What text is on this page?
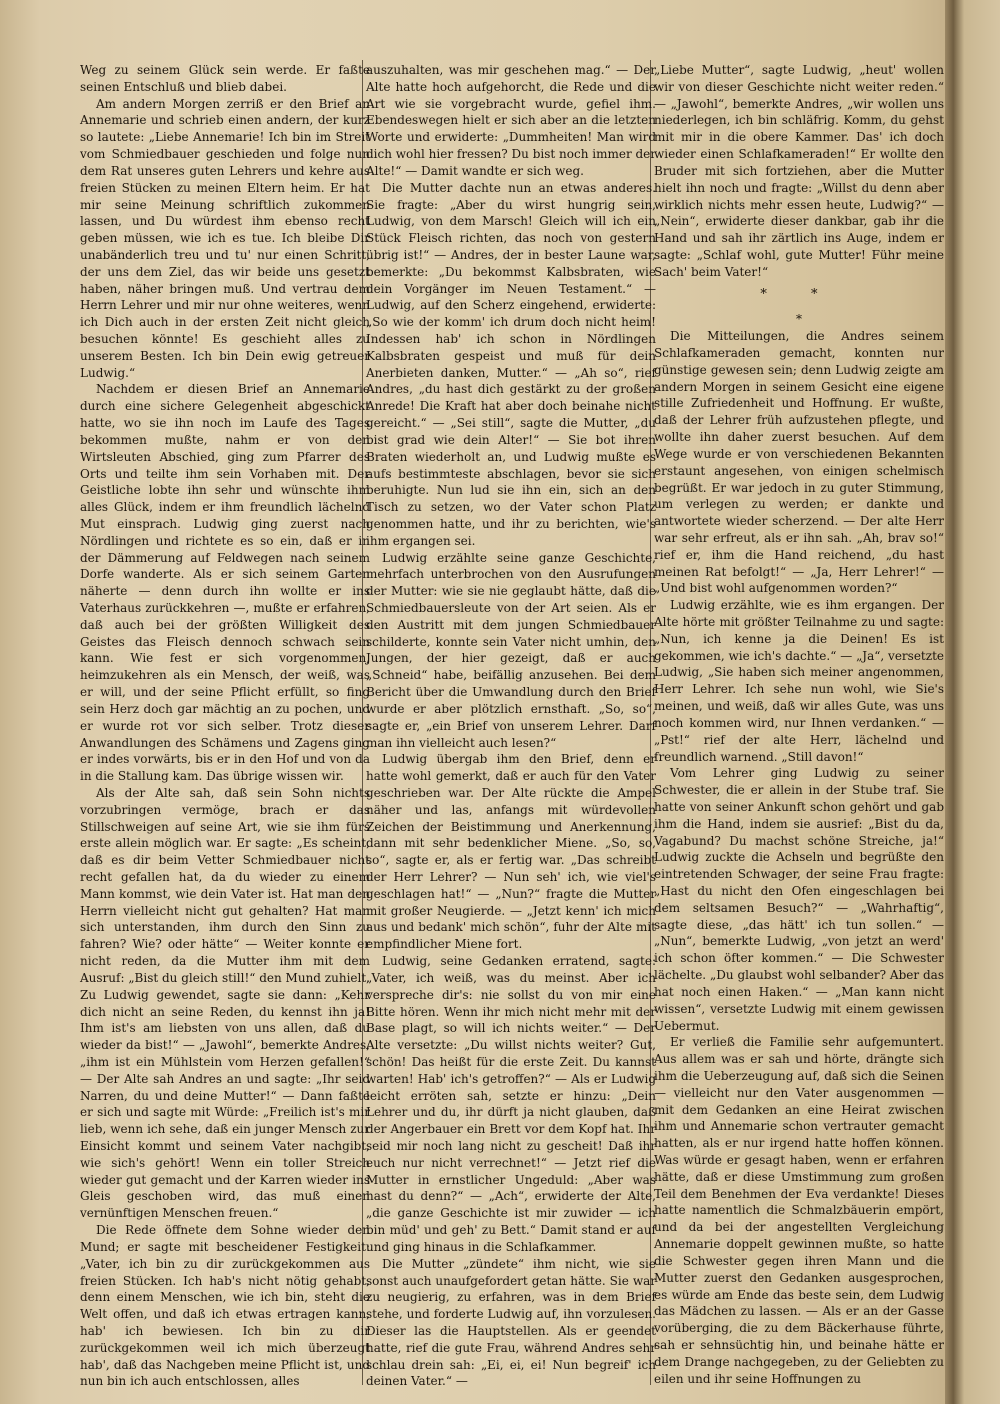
Weg zu seinem Glück sein werde. Er faßte seinen Entschluß und blieb dabei.

Am andern Morgen zerriß er den Brief an Annemarie und schrieb einen andern, der kurz so lautete: „Liebe Annemarie! Ich bin im Streit vom Schmiedbauer geschieden und folge nun dem Rat unseres guten Lehrers und kehre aus freien Stücken zu meinen Eltern heim. Er hat mir seine Meinung schriftlich zukommen lassen, und Du würdest ihm ebenso recht geben müssen, wie ich es tue. Ich bleibe Dir unabänderlich treu und tu' nur einen Schritt, der uns dem Ziel, das wir beide uns gesetzt haben, näher bringen muß. Und vertrau dem Herrn Lehrer und mir nur ohne weiteres, wenn ich Dich auch in der ersten Zeit nicht gleich besuchen könnte! Es geschieht alles zu unserem Besten. Ich bin Dein ewig getreuer Ludwig.“

Nachdem er diesen Brief an Annemarie durch eine sichere Gelegenheit abgeschickt hatte, wo sie ihn noch im Laufe des Tages bekommen mußte, nahm er von den Wirtsleuten Abschied, ging zum Pfarrer des Orts und teilte ihm sein Vorhaben mit. Der Geistliche lobte ihn sehr und wünschte ihm alles Glück, indem er ihm freundlich lächelnd Mut einsprach. Ludwig ging zuerst nach Nördlingen und richtete es so ein, daß er in der Dämmerung auf Feldwegen nach seinem Dorfe wanderte. Als er sich seinem Garten näherte — denn durch ihn wollte er ins Vaterhaus zurückkehren —, mußte er erfahren, daß auch bei der größten Willigkeit des Geistes das Fleisch dennoch schwach sein kann. Wie fest er sich vorgenommen, heimzukehren als ein Mensch, der weiß, was er will, und der seine Pflicht erfüllt, so fing sein Herz doch gar mächtig an zu pochen, und er wurde rot vor sich selber. Trotz dieser Anwandlungen des Schämens und Zagens ging er indes vorwärts, bis er in den Hof und von da in die Stallung kam. Das übrige wissen wir.

Als der Alte sah, daß sein Sohn nichts vorzubringen vermöge, brach er das Stillschweigen auf seine Art, wie sie ihm fürs erste allein möglich war. Er sagte: „Es scheint, daß es dir beim Vetter Schmiedbauer nicht recht gefallen hat, da du wieder zu einem Mann kommst, wie dein Vater ist. Hat man den Herrn vielleicht nicht gut gehalten? Hat man sich unterstanden, ihm durch den Sinn zu fahren? Wie? oder hätte“ — Weiter konnte er nicht reden, da die Mutter ihm mit dem Ausruf: „Bist du gleich still!“ den Mund zuhielt. Zu Ludwig gewendet, sagte sie dann: „Kehr dich nicht an seine Reden, du kennst ihn ja! Ihm ist's am liebsten von uns allen, daß du wieder da bist!“ — „Jawohl“, bemerkte Andres, „ihm ist ein Mühlstein vom Herzen gefallen!“ — Der Alte sah Andres an und sagte: „Ihr seid Narren, du und deine Mutter!“ — Dann faßte er sich und sagte mit Würde: „Freilich ist's mir lieb, wenn ich sehe, daß ein junger Mensch zur Einsicht kommt und seinem Vater nachgibt, wie sich's gehört! Wenn ein toller Streich wieder gut gemacht und der Karren wieder ins Gleis geschoben wird, das muß einen vernünftigen Menschen freuen.“

Die Rede öffnete dem Sohne wieder den Mund; er sagte mit bescheidener Festigkeit: „Vater, ich bin zu dir zurückgekommen aus freien Stücken. Ich hab's nicht nötig gehabt, denn einem Menschen, wie ich bin, steht die Welt offen, und daß ich etwas ertragen kann, hab' ich bewiesen. Ich bin zu dir zurückgekommen weil ich mich überzeugt hab', daß das Nachgeben meine Pflicht ist, und nun bin ich auch entschlossen, alles

auszuhalten, was mir geschehen mag.“ — Der Alte hatte hoch aufgehorcht, die Rede und die Art wie sie vorgebracht wurde, gefiel ihm. Ebendeswegen hielt er sich aber an die letzten Worte und erwiderte: „Dummheiten! Man wird dich wohl hier fressen? Du bist noch immer der Alte!“ — Damit wandte er sich weg.

Die Mutter dachte nun an etwas anderes. Sie fragte: „Aber du wirst hungrig sein, Ludwig, von dem Marsch! Gleich will ich ein Stück Fleisch richten, das noch von gestern übrig ist!“ — Andres, der in bester Laune war, bemerkte: „Du bekommst Kalbsbraten, wie dein Vorgänger im Neuen Testament.“ — Ludwig, auf den Scherz eingehend, erwiderte: „So wie der komm' ich drum doch nicht heim! Indessen hab' ich schon in Nördlingen Kalbsbraten gespeist und muß für dein Anerbieten danken, Mutter.“ — „Ah so“, rief Andres, „du hast dich gestärkt zu der großen Anrede! Die Kraft hat aber doch beinahe nicht gereicht.“ — „Sei still“, sagte die Mutter, „du bist grad wie dein Alter!“ — Sie bot ihren Braten wiederholt an, und Ludwig mußte es aufs bestimmteste abschlagen, bevor sie sich beruhigte. Nun lud sie ihn ein, sich an den Tisch zu setzen, wo der Vater schon Platz genommen hatte, und ihr zu berichten, wie's ihm ergangen sei.

Ludwig erzählte seine ganze Geschichte, mehrfach unterbrochen von den Ausrufungen der Mutter: wie sie nie geglaubt hätte, daß die Schmiedbauersleute von der Art seien. Als er den Austritt mit dem jungen Schmiedbauer schilderte, konnte sein Vater nicht umhin, den Jungen, der hier gezeigt, daß er auch „Schneid“ habe, beifällig anzusehen. Bei dem Bericht über die Umwandlung durch den Brief wurde er aber plötzlich ernsthaft. „So, so“, sagte er, „ein Brief von unserem Lehrer. Darf man ihn vielleicht auch lesen?“

Ludwig übergab ihm den Brief, denn er hatte wohl gemerkt, daß er auch für den Vater geschrieben war. Der Alte rückte die Ampel näher und las, anfangs mit würdevollen Zeichen der Beistimmung und Anerkennung, dann mit sehr bedenklicher Miene. „So, so, so“, sagte er, als er fertig war. „Das schreibt der Herr Lehrer? — Nun seh' ich, wie viel's geschlagen hat!“ — „Nun?“ fragte die Mutter mit großer Neugierde. — „Jetzt kenn' ich mich aus und bedank' mich schön“, fuhr der Alte mit empfindlicher Miene fort.

Ludwig, seine Gedanken erratend, sagte: „Vater, ich weiß, was du meinst. Aber ich verspreche dir's: nie sollst du von mir eine Bitte hören. Wenn ihr mich nicht mehr mit der Base plagt, so will ich nichts weiter.“ — Der Alte versetzte: „Du willst nichts weiter? Gut, schön! Das heißt für die erste Zeit. Du kannst warten! Hab' ich's getroffen?“ — Als er Ludwig leicht erröten sah, setzte er hinzu: „Dein Lehrer und du, ihr dürft ja nicht glauben, daß der Angerbauer ein Brett vor dem Kopf hat. Ihr seid mir noch lang nicht zu gescheit! Daß ihr euch nur nicht verrechnet!“ — Jetzt rief die Mutter in ernstlicher Ungeduld: „Aber was hast du denn?“ — „Ach“, erwiderte der Alte, „die ganze Geschichte ist mir zuwider — ich bin müd' und geh' zu Bett.“ Damit stand er auf und ging hinaus in die Schlafkammer.

Die Mutter „zündete“ ihm nicht, wie sie sonst auch unaufgefordert getan hätte. Sie war zu neugierig, zu erfahren, was in dem Brief stehe, und forderte Ludwig auf, ihn vorzulesen. Dieser las die Hauptstellen. Als er geendet hatte, rief die gute Frau, während Andres sehr schlau drein sah: „Ei, ei, ei! Nun begreif' ich deinen Vater.“ —

„Liebe Mutter“, sagte Ludwig, „heut' wollen wir von dieser Geschichte nicht weiter reden.“ — „Jawohl“, bemerkte Andres, „wir wollen uns niederlegen, ich bin schläfrig. Komm, du gehst mit mir in die obere Kammer. Das' ich doch wieder einen Schlafkameraden!“ Er wollte den Bruder mit sich fortziehen, aber die Mutter hielt ihn noch und fragte: „Willst du denn aber wirklich nichts mehr essen heute, Ludwig?“ — „Nein“, erwiderte dieser dankbar, gab ihr die Hand und sah ihr zärtlich ins Auge, indem er sagte: „Schlaf wohl, gute Mutter! Führ meine Sach' beim Vater!“

* *
*

Die Mitteilungen, die Andres seinem Schlafkameraden gemacht, konnten nur günstige gewesen sein; denn Ludwig zeigte am andern Morgen in seinem Gesicht eine eigene stille Zufriedenheit und Hoffnung. Er wußte, daß der Lehrer früh aufzustehen pflegte, und wollte ihn daher zuerst besuchen. Auf dem Wege wurde er von verschiedenen Bekannten erstaunt angesehen, von einigen schelmisch begrüßt. Er war jedoch in zu guter Stimmung, um verlegen zu werden; er dankte und antwortete wieder scherzend. — Der alte Herr war sehr erfreut, als er ihn sah. „Ah, brav so!“ rief er, ihm die Hand reichend, „du hast meinen Rat befolgt!“ — „Ja, Herr Lehrer!“ — „Und bist wohl aufgenommen worden?“

Ludwig erzählte, wie es ihm ergangen. Der Alte hörte mit größter Teilnahme zu und sagte: „Nun, ich kenne ja die Deinen! Es ist gekommen, wie ich's dachte.“ — „Ja“, versetzte Ludwig, „Sie haben sich meiner angenommen, Herr Lehrer. Ich sehe nun wohl, wie Sie's meinen, und weiß, daß wir alles Gute, was uns noch kommen wird, nur Ihnen verdanken.“ — „Pst!“ rief der alte Herr, lächelnd und freundlich warnend. „Still davon!“

Vom Lehrer ging Ludwig zu seiner Schwester, die er allein in der Stube traf. Sie hatte von seiner Ankunft schon gehört und gab ihm die Hand, indem sie ausrief: „Bist du da, Vagabund? Du machst schöne Streiche, ja!“ Ludwig zuckte die Achseln und begrüßte den eintretenden Schwager, der seine Frau fragte: „Hast du nicht den Ofen eingeschlagen bei dem seltsamen Besuch?“ — „Wahrhaftig“, sagte diese, „das hätt' ich tun sollen.“ — „Nun“, bemerkte Ludwig, „von jetzt an werd' ich schon öfter kommen.“ — Die Schwester lächelte. „Du glaubst wohl selbander? Aber das hat noch einen Haken.“ — „Man kann nicht wissen“, versetzte Ludwig mit einem gewissen Uebermut.

Er verließ die Familie sehr aufgemuntert. Aus allem was er sah und hörte, drängte sich ihm die Ueberzeugung auf, daß sich die Seinen — vielleicht nur den Vater ausgenommen — mit dem Gedanken an eine Heirat zwischen ihm und Annemarie schon vertrauter gemacht hatten, als er nur irgend hatte hoffen können. Was würde er gesagt haben, wenn er erfahren hätte, daß er diese Umstimmung zum großen Teil dem Benehmen der Eva verdankte! Dieses hatte namentlich die Schmalzbäuerin empört, und da bei der angestellten Vergleichung Annemarie doppelt gewinnen mußte, so hatte die Schwester gegen ihren Mann und die Mutter zuerst den Gedanken ausgesprochen, es würde am Ende das beste sein, dem Ludwig das Mädchen zu lassen. — Als er an der Gasse vorüberging, die zu dem Bäckerhause führte, sah er sehnsüchtig hin, und beinahe hätte er dem Drange nachgegeben, zu der Geliebten zu eilen und ihr seine Hoffnungen zu
